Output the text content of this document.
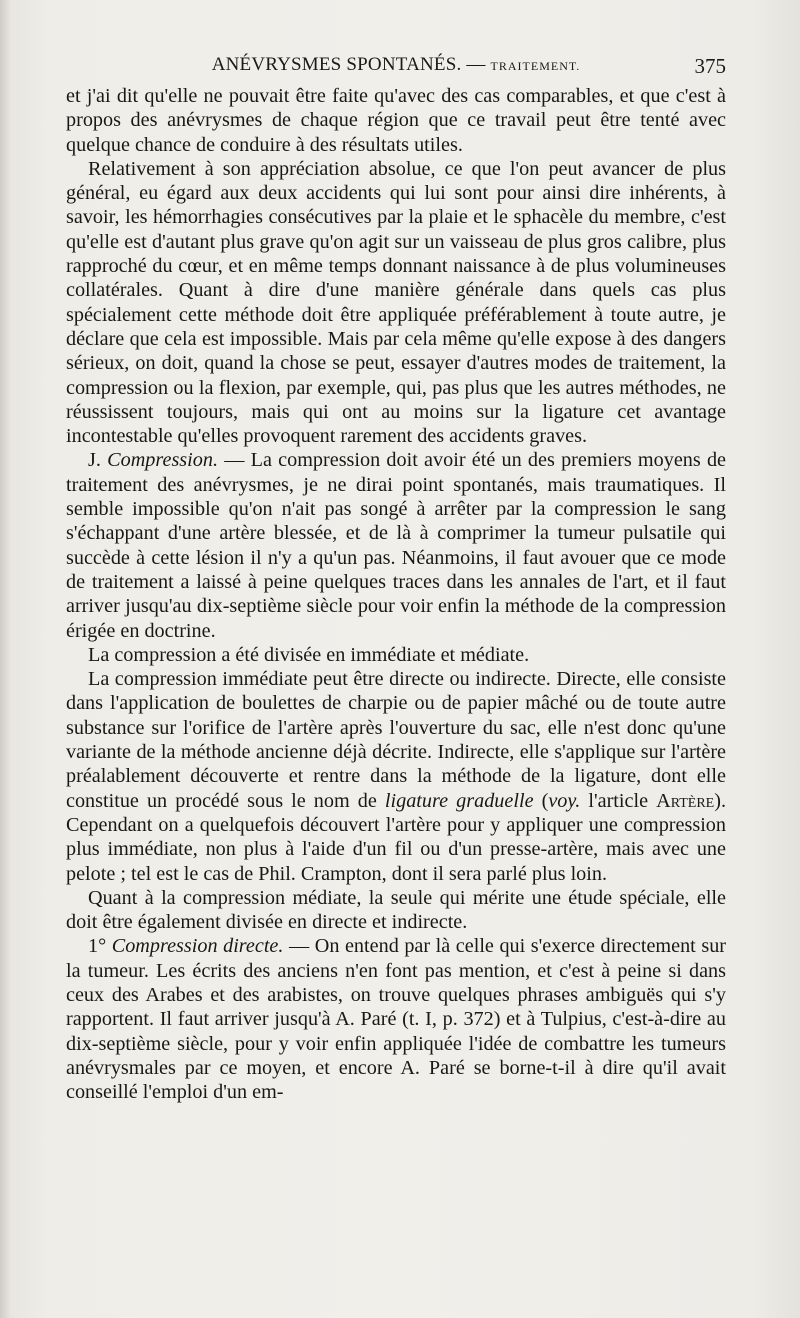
ANÉVRYSMES SPONTANÉS. — TRAITEMENT.	375

et j'ai dit qu'elle ne pouvait être faite qu'avec des cas comparables, et que c'est à propos des anévrysmes de chaque région que ce travail peut être tenté avec quelque chance de conduire à des résultats utiles.

Relativement à son appréciation absolue, ce que l'on peut avancer de plus général, eu égard aux deux accidents qui lui sont pour ainsi dire inhérents, à savoir, les hémorrhagies consécutives par la plaie et le sphacèle du membre, c'est qu'elle est d'autant plus grave qu'on agit sur un vaisseau de plus gros calibre, plus rapproché du cœur, et en même temps donnant naissance à de plus volumineuses collatérales. Quant à dire d'une manière générale dans quels cas plus spécialement cette méthode doit être appliquée préférablement à toute autre, je déclare que cela est impossible. Mais par cela même qu'elle expose à des dangers sérieux, on doit, quand la chose se peut, essayer d'autres modes de traitement, la compression ou la flexion, par exemple, qui, pas plus que les autres méthodes, ne réussissent toujours, mais qui ont au moins sur la ligature cet avantage incontestable qu'elles provoquent rarement des accidents graves.

J. Compression. — La compression doit avoir été un des premiers moyens de traitement des anévrysmes, je ne dirai point spontanés, mais traumatiques. Il semble impossible qu'on n'ait pas songé à arrêter par la compression le sang s'échappant d'une artère blessée, et de là à comprimer la tumeur pulsatile qui succède à cette lésion il n'y a qu'un pas. Néanmoins, il faut avouer que ce mode de traitement a laissé à peine quelques traces dans les annales de l'art, et il faut arriver jusqu'au dix-septième siècle pour voir enfin la méthode de la compression érigée en doctrine.

La compression a été divisée en immédiate et médiate.

La compression immédiate peut être directe ou indirecte. Directe, elle consiste dans l'application de boulettes de charpie ou de papier mâché ou de toute autre substance sur l'orifice de l'artère après l'ouverture du sac, elle n'est donc qu'une variante de la méthode ancienne déjà décrite. Indirecte, elle s'applique sur l'artère préalablement découverte et rentre dans la méthode de la ligature, dont elle constitue un procédé sous le nom de ligature graduelle (voy. l'article Artère). Cependant on a quelquefois découvert l'artère pour y appliquer une compression plus immédiate, non plus à l'aide d'un fil ou d'un presse-artère, mais avec une pelote ; tel est le cas de Phil. Crampton, dont il sera parlé plus loin.

Quant à la compression médiate, la seule qui mérite une étude spéciale, elle doit être également divisée en directe et indirecte.

1° Compression directe. — On entend par là celle qui s'exerce directement sur la tumeur. Les écrits des anciens n'en font pas mention, et c'est à peine si dans ceux des Arabes et des arabistes, on trouve quelques phrases ambiguës qui s'y rapportent. Il faut arriver jusqu'à A. Paré (t. I, p. 372) et à Tulpius, c'est-à-dire au dix-septième siècle, pour y voir enfin appliquée l'idée de combattre les tumeurs anévrysmales par ce moyen, et encore A. Paré se borne-t-il à dire qu'il avait conseillé l'emploi d'un em-
